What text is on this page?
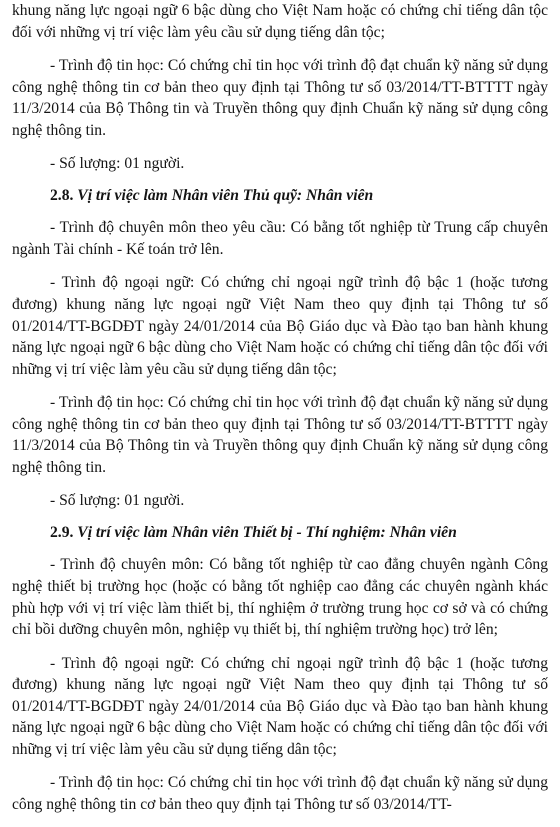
khung năng lực ngoại ngữ 6 bậc dùng cho Việt Nam hoặc có chứng chỉ tiếng dân tộc đối với những vị trí việc làm yêu cầu sử dụng tiếng dân tộc;

- Trình độ tin học: Có chứng chỉ tin học với trình độ đạt chuẩn kỹ năng sử dụng công nghệ thông tin cơ bản theo quy định tại Thông tư số 03/2014/TT-BTTTT ngày 11/3/2014 của Bộ Thông tin và Truyền thông quy định Chuẩn kỹ năng sử dụng công nghệ thông tin.

- Số lượng: 01 người.

2.8. Vị trí việc làm Nhân viên Thủ quỹ: Nhân viên

- Trình độ chuyên môn theo yêu cầu: Có bằng tốt nghiệp từ Trung cấp chuyên ngành Tài chính - Kế toán trở lên.

- Trình độ ngoại ngữ: Có chứng chỉ ngoại ngữ trình độ bậc 1 (hoặc tương đương) khung năng lực ngoại ngữ Việt Nam theo quy định tại Thông tư số 01/2014/TT-BGDĐT ngày 24/01/2014 của Bộ Giáo dục và Đào tạo ban hành khung năng lực ngoại ngữ 6 bậc dùng cho Việt Nam hoặc có chứng chỉ tiếng dân tộc đối với những vị trí việc làm yêu cầu sử dụng tiếng dân tộc;

- Trình độ tin học: Có chứng chỉ tin học với trình độ đạt chuẩn kỹ năng sử dụng công nghệ thông tin cơ bản theo quy định tại Thông tư số 03/2014/TT-BTTTT ngày 11/3/2014 của Bộ Thông tin và Truyền thông quy định Chuẩn kỹ năng sử dụng công nghệ thông tin.

- Số lượng: 01 người.

2.9. Vị trí việc làm Nhân viên Thiết bị - Thí nghiệm: Nhân viên

- Trình độ chuyên môn: Có bằng tốt nghiệp từ cao đẳng chuyên ngành Công nghệ thiết bị trường học (hoặc có bằng tốt nghiệp cao đẳng các chuyên ngành khác phù hợp với vị trí việc làm thiết bị, thí nghiệm ở trường trung học cơ sở và có chứng chỉ bồi dưỡng chuyên môn, nghiệp vụ thiết bị, thí nghiệm trường học) trở lên;

- Trình độ ngoại ngữ: Có chứng chỉ ngoại ngữ trình độ bậc 1 (hoặc tương đương) khung năng lực ngoại ngữ Việt Nam theo quy định tại Thông tư số 01/2014/TT-BGDĐT ngày 24/01/2014 của Bộ Giáo dục và Đào tạo ban hành khung năng lực ngoại ngữ 6 bậc dùng cho Việt Nam hoặc có chứng chỉ tiếng dân tộc đối với những vị trí việc làm yêu cầu sử dụng tiếng dân tộc;

- Trình độ tin học: Có chứng chỉ tin học với trình độ đạt chuẩn kỹ năng sử dụng công nghệ thông tin cơ bản theo quy định tại Thông tư số 03/2014/TT-
